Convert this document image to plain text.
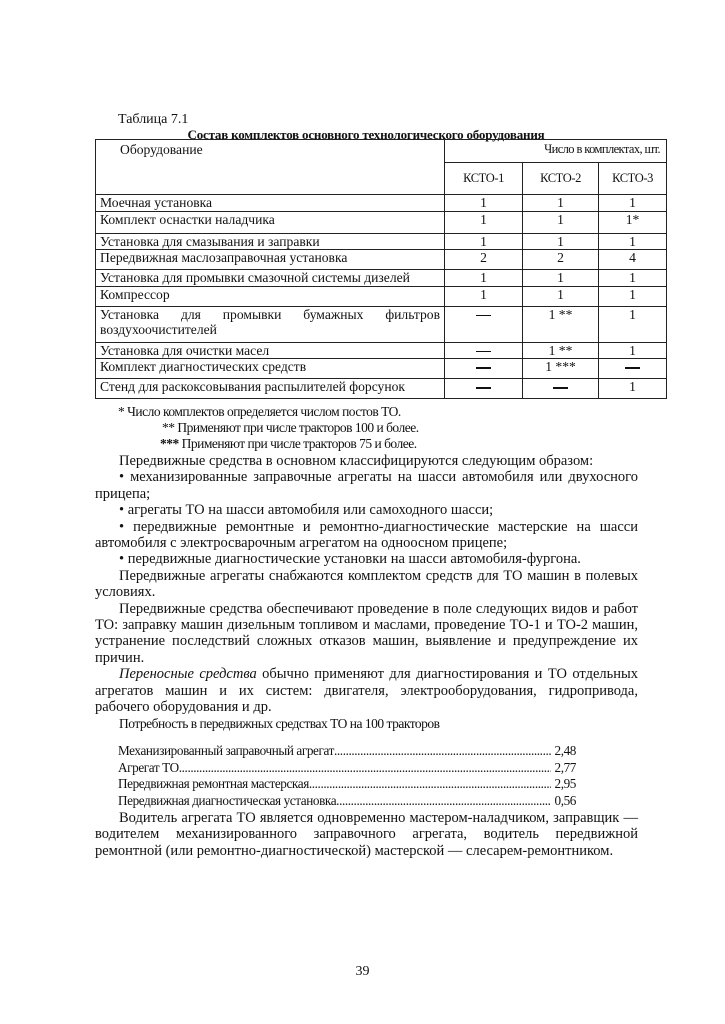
Таблица 7.1
Состав комплектов основного технологического оборудования
Оборудование	Число в комплектах, шт.		
	КСТО-1	КСТО-2	КСТО-3
Моечная установка	1	1	1
Комплект оснастки наладчика	1	1	1*
Установка для смазывания и заправки	1	1	1
Передвижная маслозаправочная установка	2	2	4
Установка для промывки смазочной системы дизелей	1	1	1
Компрессор	1	1	1

Установка для промывки бумажных фильтров
воздухоочистителей		1 **	1
Установка для очистки масел		1 **	1
Комплект диагностических средств		1 ***	
Стенд для раскоксовывания распылителей форсунок			1
* Число комплектов определяется числом постов ТО.
** Применяют при числе тракторов 100 и более.
*** Применяют при числе тракторов 75 и более.

Передвижные средства в основном классифицируются следующим образом:

• механизированные заправочные агрегаты на шасси автомобиля или двухосного прицепа;

• агрегаты ТО на шасси автомобиля или самоходного шасси;

• передвижные ремонтные и ремонтно-диагностические мастерские на шасси автомобиля с электросварочным агрегатом на одноосном прицепе;

• передвижные диагностические установки на шасси автомобиля-фургона.

Передвижные агрегаты снабжаются комплектом средств для ТО машин в полевых условиях.

Передвижные средства обеспечивают проведение в поле следующих видов и работ ТО: заправку машин дизельным топливом и маслами, проведение ТО-1 и ТО-2 машин, устранение последствий сложных отказов машин, выявление и предупреждение их причин.

Переносные средства обычно применяют для диагностирования и ТО отдельных агрегатов машин и их систем: двигателя, электрооборудования, гидропривода, рабочего оборудования и др.

Потребность в передвижных средствах ТО на 100 тракторов

Механизированный заправочный агрегат .....	2,48
Агрегат ТО .....	2,77
Передвижная ремонтная мастерская .....	2,95
Передвижная диагностическая установка .....	0,56

Водитель агрегата ТО является одновременно мастером-наладчиком, заправщик — водителем механизированного заправочного агрегата, водитель передвижной ремонтной (или ремонтно-диагностической) мастерской — слесарем-ремонтником.

39
